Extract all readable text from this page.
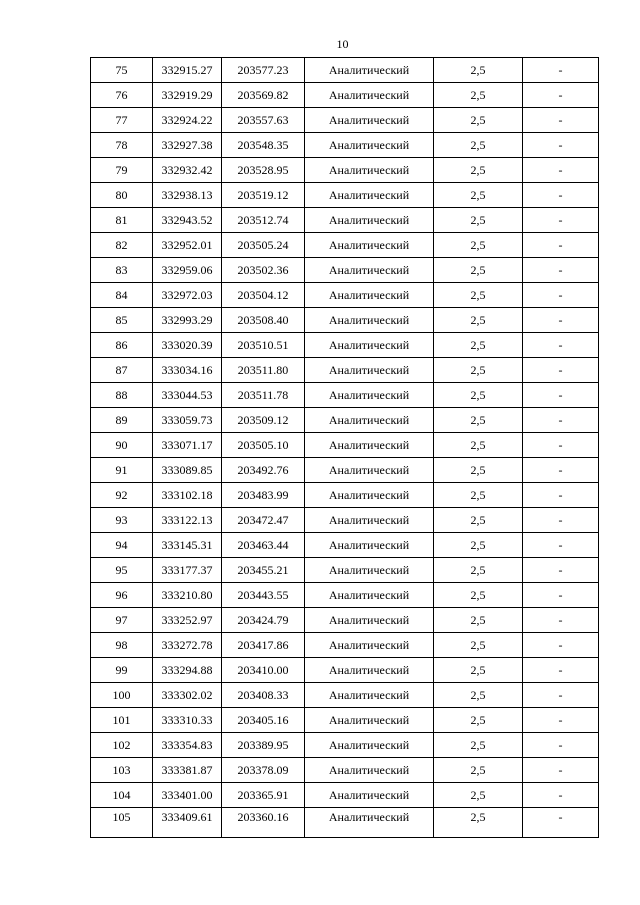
10
75	332915.27	203577.23	Аналитический	2,5	-
76	332919.29	203569.82	Аналитический	2,5	-
77	332924.22	203557.63	Аналитический	2,5	-
78	332927.38	203548.35	Аналитический	2,5	-
79	332932.42	203528.95	Аналитический	2,5	-
80	332938.13	203519.12	Аналитический	2,5	-
81	332943.52	203512.74	Аналитический	2,5	-
82	332952.01	203505.24	Аналитический	2,5	-
83	332959.06	203502.36	Аналитический	2,5	-
84	332972.03	203504.12	Аналитический	2,5	-
85	332993.29	203508.40	Аналитический	2,5	-
86	333020.39	203510.51	Аналитический	2,5	-
87	333034.16	203511.80	Аналитический	2,5	-
88	333044.53	203511.78	Аналитический	2,5	-
89	333059.73	203509.12	Аналитический	2,5	-
90	333071.17	203505.10	Аналитический	2,5	-
91	333089.85	203492.76	Аналитический	2,5	-
92	333102.18	203483.99	Аналитический	2,5	-
93	333122.13	203472.47	Аналитический	2,5	-
94	333145.31	203463.44	Аналитический	2,5	-
95	333177.37	203455.21	Аналитический	2,5	-
96	333210.80	203443.55	Аналитический	2,5	-
97	333252.97	203424.79	Аналитический	2,5	-
98	333272.78	203417.86	Аналитический	2,5	-
99	333294.88	203410.00	Аналитический	2,5	-
100	333302.02	203408.33	Аналитический	2,5	-
101	333310.33	203405.16	Аналитический	2,5	-
102	333354.83	203389.95	Аналитический	2,5	-
103	333381.87	203378.09	Аналитический	2,5	-
104	333401.00	203365.91	Аналитический	2,5	-
105	333409.61	203360.16	Аналитический	2,5	-
